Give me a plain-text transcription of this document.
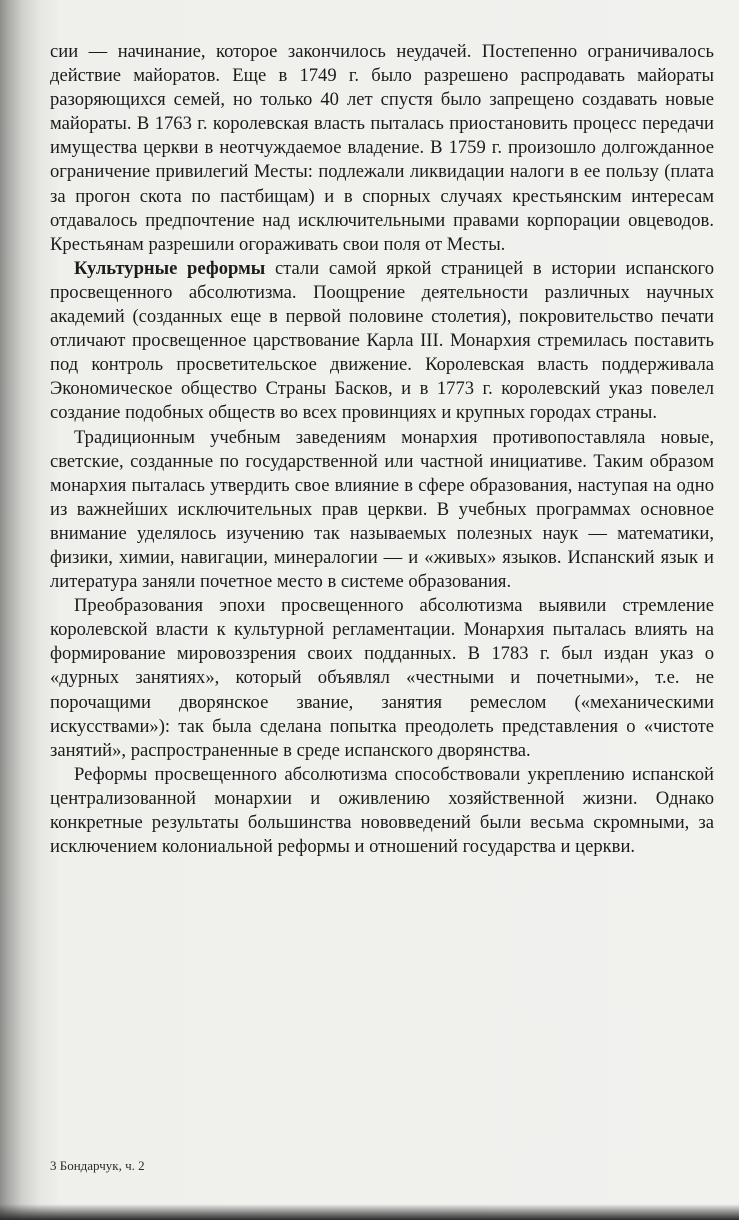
сии — начинание, которое закончилось неудачей. Постепенно ограничивалось действие майоратов. Еще в 1749 г. было разрешено распродавать майораты разоряющихся семей, но только 40 лет спустя было запрещено создавать новые майораты. В 1763 г. королевская власть пыталась приостановить процесс передачи имущества церкви в неотчуждаемое владение. В 1759 г. произошло долгожданное ограничение привилегий Месты: подлежали ликвидации налоги в ее пользу (плата за прогон скота по пастбищам) и в спорных случаях крестьянским интересам отдавалось предпочтение над исключительными правами корпорации овцеводов. Крестьянам разрешили огораживать свои поля от Месты.

Культурные реформы стали самой яркой страницей в истории испанского просвещенного абсолютизма. Поощрение деятельности различных научных академий (созданных еще в первой половине столетия), покровительство печати отличают просвещенное царствование Карла III. Монархия стремилась поставить под контроль просветительское движение. Королевская власть поддерживала Экономическое общество Страны Басков, и в 1773 г. королевский указ повелел создание подобных обществ во всех провинциях и крупных городах страны.

Традиционным учебным заведениям монархия противопоставляла новые, светские, созданные по государственной или частной инициативе. Таким образом монархия пыталась утвердить свое влияние в сфере образования, наступая на одно из важнейших исключительных прав церкви. В учебных программах основное внимание уделялось изучению так называемых полезных наук — математики, физики, химии, навигации, минералогии — и «живых» языков. Испанский язык и литература заняли почетное место в системе образования.

Преобразования эпохи просвещенного абсолютизма выявили стремление королевской власти к культурной регламентации. Монархия пыталась влиять на формирование мировоззрения своих подданных. В 1783 г. был издан указ о «дурных занятиях», который объявлял «честными и почетными», т.е. не порочащими дворянское звание, занятия ремеслом («механическими искусствами»): так была сделана попытка преодолеть представления о «чистоте занятий», распространенные в среде испанского дворянства.

Реформы просвещенного абсолютизма способствовали укреплению испанской централизованной монархии и оживлению хозяйственной жизни. Однако конкретные результаты большинства нововведений были весьма скромными, за исключением колониальной реформы и отношений государства и церкви.

3 Бондарчук, ч. 2
